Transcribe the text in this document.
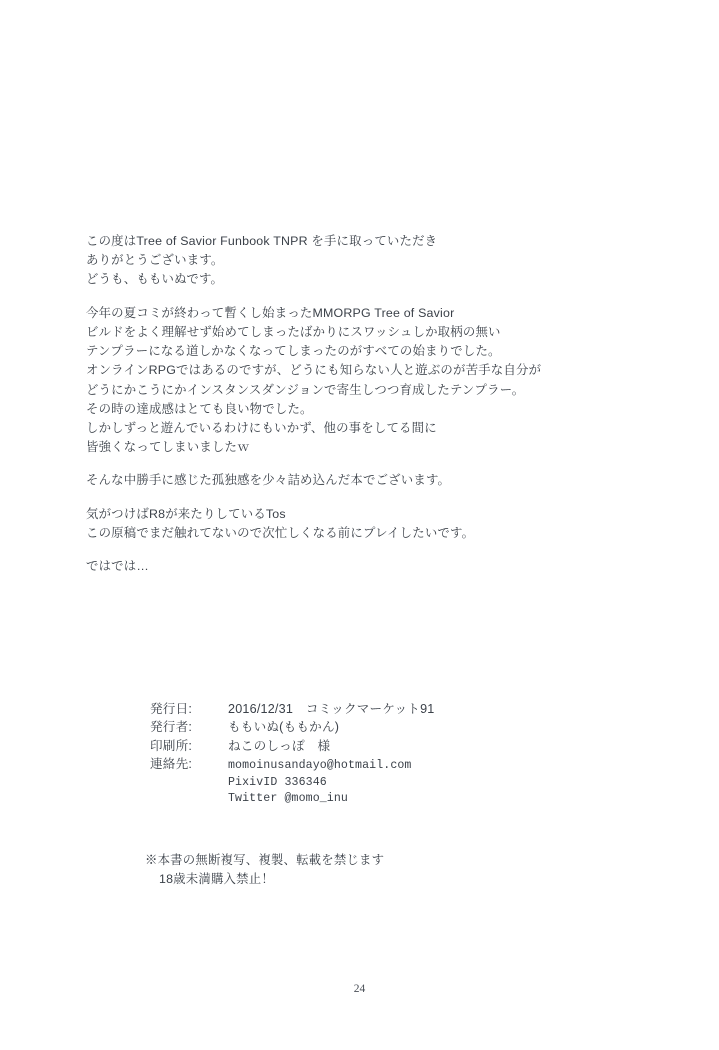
この度はTree of Savior Funbook TNPR を手に取っていただき

ありがとうございます。

どうも、ももいぬです。

今年の夏コミが終わって暫くし始まったMMORPG Tree of Savior

ビルドをよく理解せず始めてしまったばかりにスワッシュしか取柄の無い

テンプラーになる道しかなくなってしまったのがすべての始まりでした。

オンラインRPGではあるのですが、どうにも知らない人と遊ぶのが苦手な自分が

どうにかこうにかインスタンスダンジョンで寄生しつつ育成したテンプラー。

その時の達成感はとても良い物でした。

しかしずっと遊んでいるわけにもいかず、他の事をしてる間に

皆強くなってしまいましたｗ

そんな中勝手に感じた孤独感を少々詰め込んだ本でございます。

気がつけばR8が来たりしているTos

この原稿でまだ触れてないので次忙しくなる前にプレイしたいです。

ではでは…

発行日:	2016/12/31　コミックマーケット91
発行者:	ももいぬ(ももかん)
印刷所:	ねこのしっぽ　様
連絡先:	momoinusandayo@hotmail.com
PixivID 336346
Twitter @momo_inu
※本書の無断複写、複製、転載を禁じます
18歳未満購入禁止！
24
